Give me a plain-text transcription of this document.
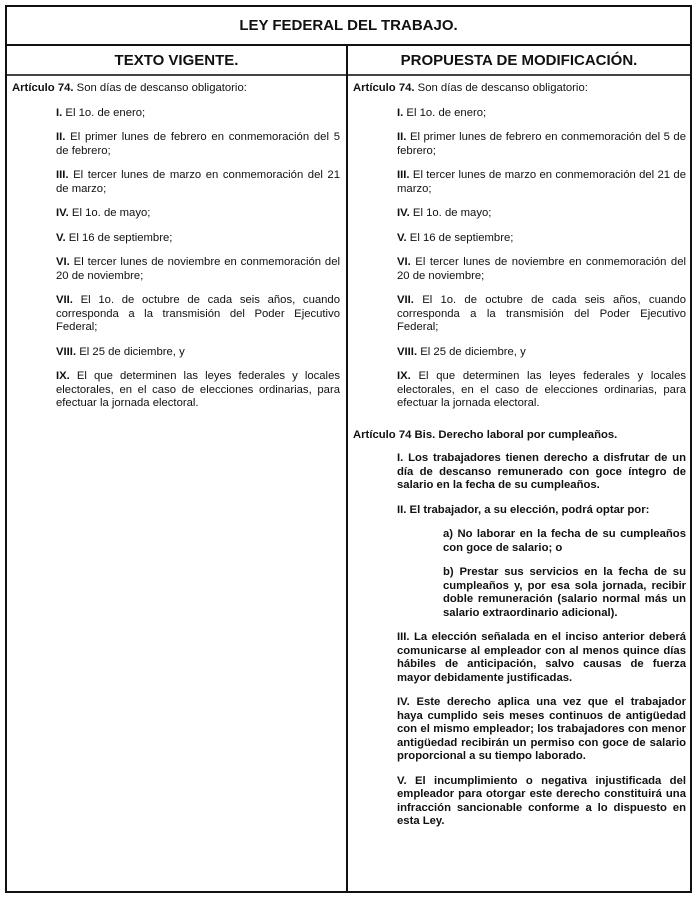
LEY FEDERAL DEL TRABAJO.
TEXTO VIGENTE.	PROPUESTA DE MODIFICACIÓN.
Artículo 74. Son días de descanso obligatorio:
I. El 1o. de enero;
II. El primer lunes de febrero en conmemoración del 5 de febrero;
III. El tercer lunes de marzo en conmemoración del 21 de marzo;
IV. El 1o. de mayo;
V. El 16 de septiembre;
VI. El tercer lunes de noviembre en conmemoración del 20 de noviembre;
VII. El 1o. de octubre de cada seis años, cuando corresponda a la transmisión del Poder Ejecutivo Federal;
VIII. El 25 de diciembre, y
IX. El que determinen las leyes federales y locales electorales, en el caso de elecciones ordinarias, para efectuar la jornada electoral.
Artículo 74. Son días de descanso obligatorio:
I. El 1o. de enero;
II. El primer lunes de febrero en conmemoración del 5 de febrero;
III. El tercer lunes de marzo en conmemoración del 21 de marzo;
IV. El 1o. de mayo;
V. El 16 de septiembre;
VI. El tercer lunes de noviembre en conmemoración del 20 de noviembre;
VII. El 1o. de octubre de cada seis años, cuando corresponda a la transmisión del Poder Ejecutivo Federal;
VIII. El 25 de diciembre, y
IX. El que determinen las leyes federales y locales electorales, en el caso de elecciones ordinarias, para efectuar la jornada electoral.
Artículo 74 Bis. Derecho laboral por cumpleaños.
I. Los trabajadores tienen derecho a disfrutar de un día de descanso remunerado con goce íntegro de salario en la fecha de su cumpleaños.
II. El trabajador, a su elección, podrá optar por:
a) No laborar en la fecha de su cumpleaños con goce de salario; o
b) Prestar sus servicios en la fecha de su cumpleaños y, por esa sola jornada, recibir doble remuneración (salario normal más un salario extraordinario adicional).
III. La elección señalada en el inciso anterior deberá comunicarse al empleador con al menos quince días hábiles de anticipación, salvo causas de fuerza mayor debidamente justificadas.
IV. Este derecho aplica una vez que el trabajador haya cumplido seis meses continuos de antigüedad con el mismo empleador; los trabajadores con menor antigüedad recibirán un permiso con goce de salario proporcional a su tiempo laborado.
V. El incumplimiento o negativa injustificada del empleador para otorgar este derecho constituirá una infracción sancionable conforme a lo dispuesto en esta Ley.
